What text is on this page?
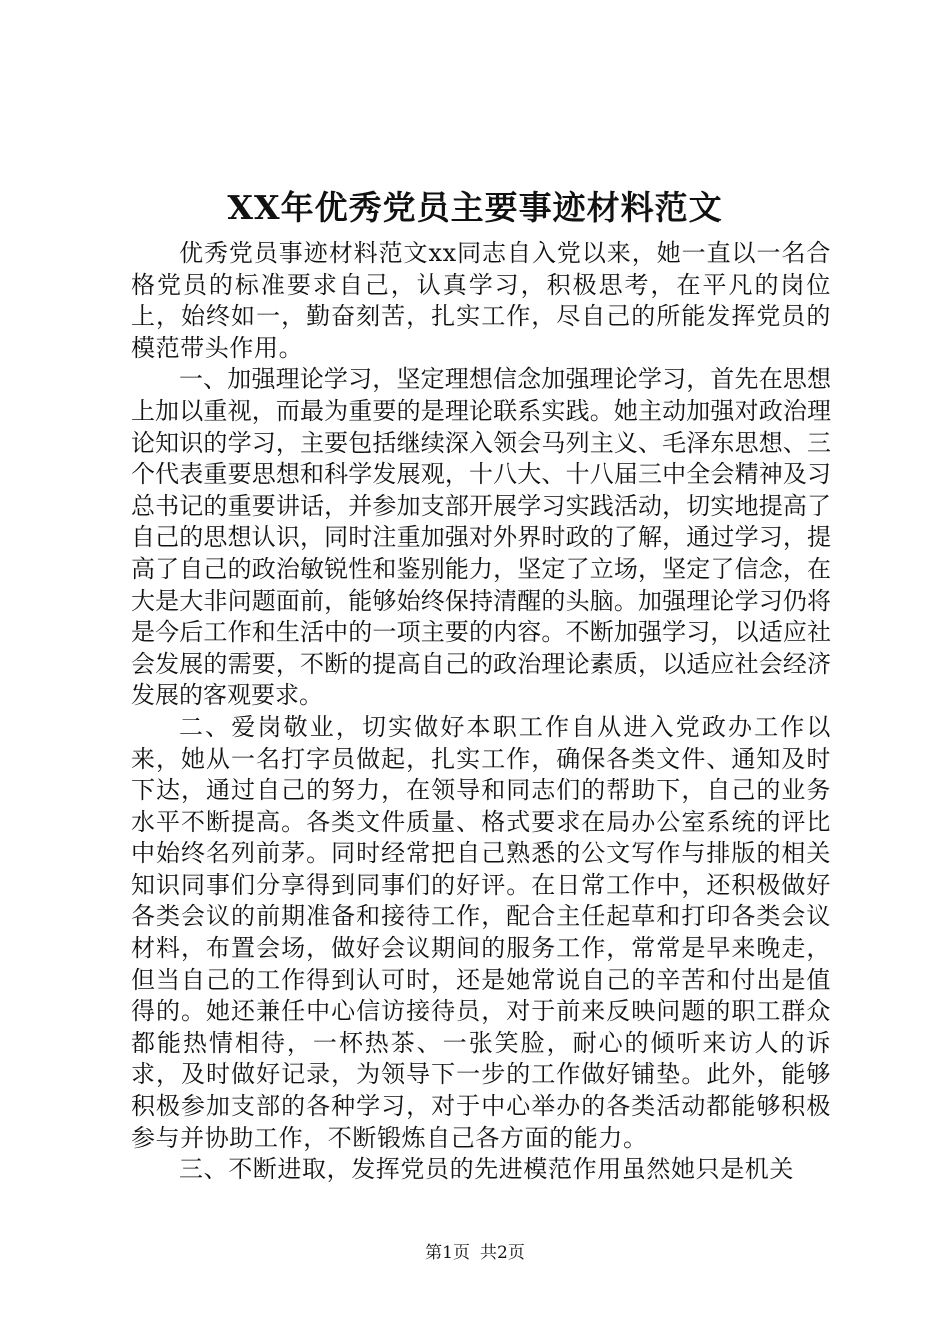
XX年优秀党员主要事迹材料范文

优秀党员事迹材料范文xx同志自入党以来，她一直以一名合格党员的标准要求自己，认真学习，积极思考，在平凡的岗位上，始终如一，勤奋刻苦，扎实工作，尽自己的所能发挥党员的模范带头作用。

一、加强理论学习，坚定理想信念加强理论学习，首先在思想上加以重视，而最为重要的是理论联系实践。她主动加强对政治理论知识的学习，主要包括继续深入领会马列主义、毛泽东思想、三个代表重要思想和科学发展观，十八大、十八届三中全会精神及习总书记的重要讲话，并参加支部开展学习实践活动，切实地提高了自己的思想认识，同时注重加强对外界时政的了解，通过学习，提高了自己的政治敏锐性和鉴别能力，坚定了立场，坚定了信念，在大是大非问题面前，能够始终保持清醒的头脑。加强理论学习仍将是今后工作和生活中的一项主要的内容。不断加强学习，以适应社会发展的需要，不断的提高自己的政治理论素质，以适应社会经济发展的客观要求。

二、爱岗敬业，切实做好本职工作自从进入党政办工作以来，她从一名打字员做起，扎实工作，确保各类文件、通知及时下达，通过自己的努力，在领导和同志们的帮助下，自己的业务水平不断提高。各类文件质量、格式要求在局办公室系统的评比中始终名列前茅。同时经常把自己熟悉的公文写作与排版的相关知识同事们分享得到同事们的好评。在日常工作中，还积极做好各类会议的前期准备和接待工作，配合主任起草和打印各类会议材料，布置会场，做好会议期间的服务工作，常常是早来晚走，但当自己的工作得到认可时，还是她常说自己的辛苦和付出是值得的。她还兼任中心信访接待员，对于前来反映问题的职工群众都能热情相待，一杯热茶、一张笑脸，耐心的倾听来访人的诉求，及时做好记录，为领导下一步的工作做好铺垫。此外，能够积极参加支部的各种学习，对于中心举办的各类活动都能够积极参与并协助工作，不断锻炼自己各方面的能力。

三、不断进取，发挥党员的先进模范作用虽然她只是机关

第1页 共2页
